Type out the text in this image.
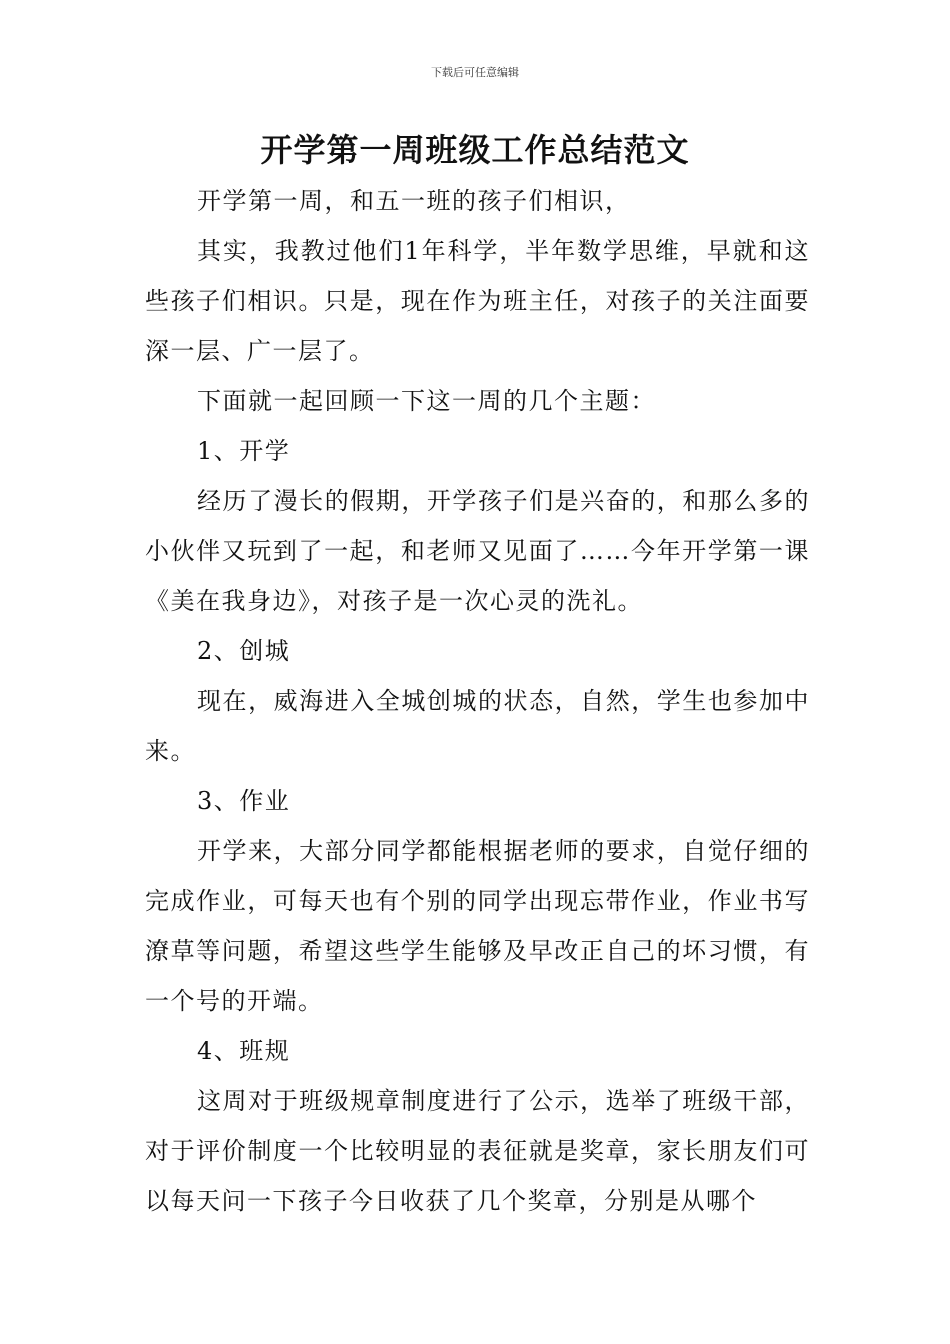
下载后可任意编辑
开学第一周班级工作总结范文

开学第一周，和五一班的孩子们相识，

其实，我教过他们1年科学，半年数学思维，早就和这些孩子们相识。只是，现在作为班主任，对孩子的关注面要深一层、广一层了。

下面就一起回顾一下这一周的几个主题：

1、开学

经历了漫长的假期，开学孩子们是兴奋的，和那么多的小伙伴又玩到了一起，和老师又见面了……今年开学第一课《美在我身边》，对孩子是一次心灵的洗礼。

2、创城

现在，威海进入全城创城的状态，自然，学生也参加中来。

3、作业

开学来，大部分同学都能根据老师的要求，自觉仔细的完成作业，可每天也有个别的同学出现忘带作业，作业书写潦草等问题，希望这些学生能够及早改正自己的坏习惯，有一个号的开端。

4、班规

这周对于班级规章制度进行了公示，选举了班级干部，对于评价制度一个比较明显的表征就是奖章，家长朋友们可以每天问一下孩子今日收获了几个奖章，分别是从哪个
